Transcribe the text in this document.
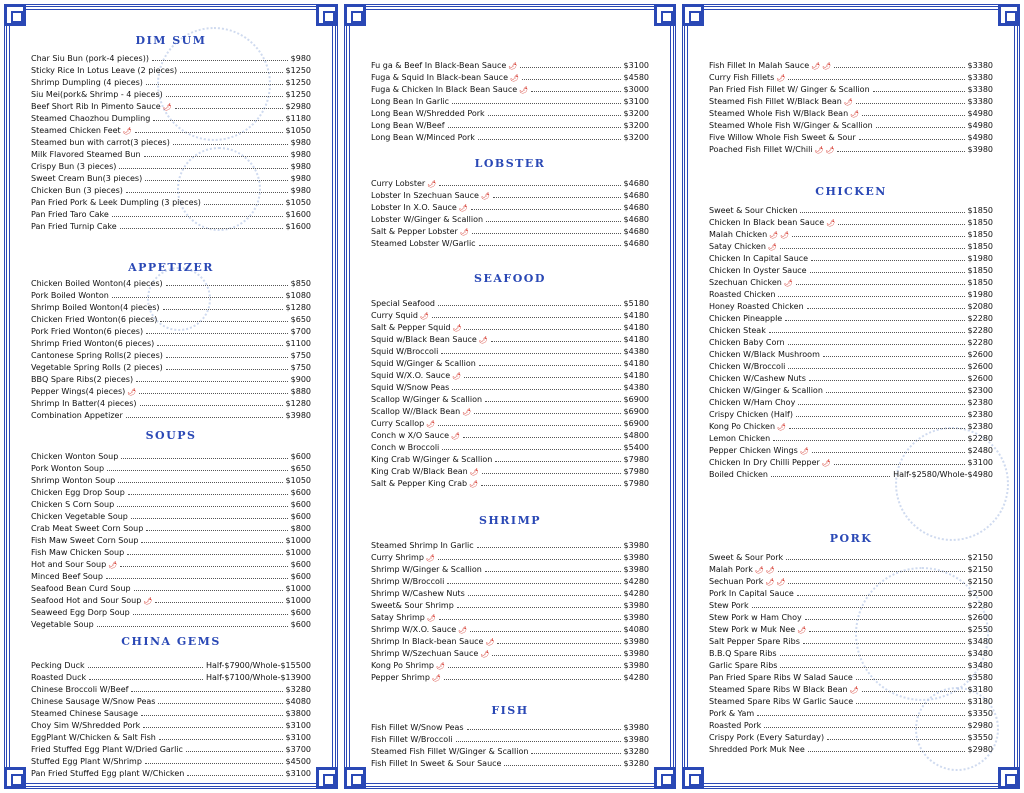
DIM SUM
Char Siu Bun (pork-4 pieces))	$980
Sticky Rice In Lotus Leave (2 pieces)	$1250
Shrimp Dumpling (4 pieces)	$1250
Siu Mei(pork& Shrimp - 4 pieces)	$1250
Beef Short Rib In Pimento Sauce 🌶	$2980
Steamed Chaozhou Dumpling	$1180
Steamed Chicken Feet 🌶	$1050
Steamed bun with carrot(3 pieces)	$980
Milk Flavored Steamed Bun	$980
Crispy Bun (3 pieces)	$980
Sweet Cream Bun(3 pieces)	$980
Chicken Bun (3 pieces)	$980
Pan Fried Pork & Leek Dumpling (3 pieces)	$1050
Pan Fried Taro Cake	$1600
Pan Fried Turnip Cake	$1600
APPETIZER
Chicken Boiled Wonton(4 pieces)	$850
Pork Boiled Wonton	$1080
Shrimp Boiled Wonton(4 pieces)	$1280
Chicken Fried Wonton(6 pieces)	$650
Pork Fried Wonton(6 pieces)	$700
Shrimp Fried Wonton(6 pieces)	$1100
Cantonese Spring Rolls(2 pieces)	$750
Vegetable Spring Rolls (2 pieces)	$750
BBQ Spare Ribs(2 pieces)	$900
Pepper Wings(4 pieces) 🌶	$880
Shrimp In Batter(4 pieces)	$1280
Combination Appetizer	$3980
SOUPS
Chicken Wonton Soup	$600
Pork Wonton Soup	$650
Shrimp Wonton Soup	$1050
Chicken Egg Drop Soup	$600
Chicken S Corn Soup	$600
Chicken Vegetable Soup	$600
Crab Meat Sweet Corn Soup	$800
Fish Maw Sweet Corn Soup	$1000
Fish Maw Chicken Soup	$1000
Hot and Sour Soup 🌶	$600
Minced Beef Soup	$600
Seafood Bean Curd Soup	$1000
Seafood Hot and Sour Soup 🌶	$1000
Seaweed Egg Dorp Soup	$600
Vegetable Soup	$600
CHINA GEMS
Pecking Duck	Half-$7900/Whole-$15500
Roasted Duck	Half-$7100/Whole-$13900
Chinese Broccoli W/Beef	$3280
Chinese Sausage W/Snow Peas	$4080
Steamed Chinese Sausage	$3800
Choy Sim W/Shredded Pork	$3100
EggPlant W/Chicken & Salt Fish	$3100
Fried Stuffed Egg Plant W/Dried Garlic	$3700
Stuffed Egg Plant W/Shrimp	$4500
Pan Fried Stuffed Egg plant W/Chicken	$3100
Fu ga & Beef In Black-Bean Sauce 🌶	$3100
Fuga & Squid In Black-bean Sauce 🌶	$4580
Fuga & Chicken In Black Bean Sauce 🌶	$3000
Long Bean In Garlic	$3100
Long Bean W/Shredded Pork	$3200
Long Bean W/Beef	$3200
Long Bean W/Minced Pork	$3200
LOBSTER
Curry Lobster 🌶	$4680
Lobster In Szechuan Sauce 🌶	$4680
Lobster In X.O. Sauce 🌶	$4680
Lobster W/Ginger & Scallion	$4680
Salt & Pepper Lobster 🌶	$4680
Steamed Lobster W/Garlic	$4680
SEAFOOD
Special Seafood	$5180
Curry Squid 🌶	$4180
Salt & Pepper Squid 🌶	$4180
Squid w/Black Bean Sauce 🌶	$4180
Squid W/Broccoli	$4380
Squid W/Ginger & Scallion	$4180
Squid W/X.O. Sauce 🌶	$4180
Squid W/Snow Peas	$4380
Scallop W/Ginger & Scallion	$6900
Scallop W//Black Bean 🌶	$6900
Curry Scallop 🌶	$6900
Conch w X/O Sauce 🌶	$4800
Conch w Broccoli	$5400
King Crab W/Ginger & Scallion	$7980
King Crab W/Black Bean 🌶	$7980
Salt & Pepper King Crab 🌶	$7980
SHRIMP
Steamed Shrimp In Garlic	$3980
Curry Shrimp 🌶	$3980
Shrimp W/Ginger & Scallion	$3980
Shrimp W/Broccoli	$4280
Shrimp W/Cashew Nuts	$4280
Sweet& Sour Shrimp	$3980
Satay Shrimp 🌶	$3980
Shrimp W/X.O. Sauce 🌶	$4080
Shrimp In Black-bean Sauce 🌶	$3980
Shrimp W/Szechuan Sauce 🌶	$3980
Kong Po Shrimp 🌶	$3980
Pepper Shrimp 🌶	$4280
FISH
Fish Fillet W/Snow Peas	$3980
Fish Fillet W/Broccoli	$3980
Steamed Fish Fillet W/Ginger & Scallion	$3280
Fish Fillet In Sweet & Sour Sauce	$3280
Fish Fillet In Malah Sauce 🌶 🌶	$3380
Curry Fish Fillets 🌶	$3380
Pan Fried Fish Fillet W/ Ginger & Scallion	$3380
Steamed Fish Fillet W/Black Bean 🌶	$3380
Steamed Whole Fish W/Black Bean 🌶	$4980
Steamed Whole Fish W/Ginger & Scallion	$4980
Five Willow Whole Fish Sweet & Sour	$4980
Poached Fish Fillet W/Chili 🌶 🌶	$3980
CHICKEN
Sweet & Sour Chicken	$1850
Chicken In Black bean Sauce 🌶	$1850
Malah Chicken 🌶 🌶	$1850
Satay Chicken 🌶	$1850
Chicken In Capital Sauce	$1980
Chicken In Oyster Sauce	$1850
Szechuan Chicken 🌶	$1850
Roasted Chicken	$1980
Honey Roasted Chicken	$2080
Chicken Pineapple	$2280
Chicken Steak	$2280
Chicken Baby Corn	$2280
Chicken W/Black Mushroom	$2600
Chicken W/Broccoli	$2600
Chicken W/Cashew Nuts	$2600
Chicken W/Ginger & Scallion	$2300
Chicken W/Ham Choy	$2380
Crispy Chicken (Half)	$2380
Kong Po Chicken 🌶	$2380
Lemon Chicken	$2280
Pepper Chicken Wings 🌶	$2480
Chicken In Dry Chilli Pepper 🌶	$3100
Boiled Chicken	Half-$2580/Whole-$4980
PORK
Sweet & Sour Pork	$2150
Malah Pork 🌶 🌶	$2150
Sechuan Pork 🌶 🌶	$2150
Pork In Capital Sauce	$2500
Stew Pork	$2280
Stew Pork w Ham Choy	$2600
Stew Pork w Muk Nee 🌶	$2550
Salt Pepper Spare Ribs	$3480
B.B.Q Spare Ribs	$3480
Garlic Spare Ribs	$3480
Pan Fried Spare Ribs W Salad Sauce	$3580
Steamed Spare Ribs W Black Bean 🌶	$3180
Steamed Spare Ribs W Garlic Sauce	$3180
Pork & Yam	$3350
Roasted Pork	$2980
Crispy Pork (Every Saturday)	$3550
Shredded Pork Muk Nee	$2980
